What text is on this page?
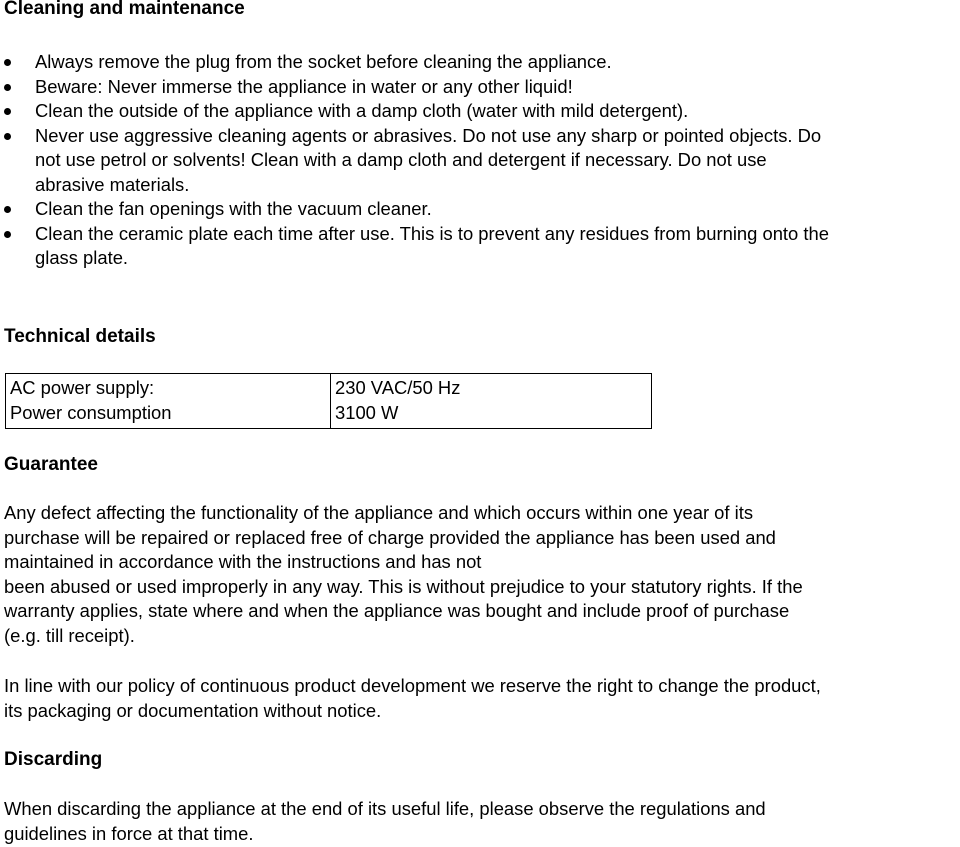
Cleaning and maintenance
Always remove the plug from the socket before cleaning the appliance.
Beware: Never immerse the appliance in water or any other liquid!
Clean the outside of the appliance with a damp cloth (water with mild detergent).
Never use aggressive cleaning agents or abrasives. Do not use any sharp or pointed objects. Do
not use petrol or solvents! Clean with a damp cloth and detergent if necessary. Do not use
abrasive materials.
Clean the fan openings with the vacuum cleaner.
Clean the ceramic plate each time after use. This is to prevent any residues from burning onto the
glass plate.
Technical details
AC power supply:	230 VAC/50 Hz
Power consumption	3100 W
Guarantee

Any defect affecting the functionality of the appliance and which occurs within one year of its
purchase will be repaired or replaced free of charge provided the appliance has been used and
maintained in accordance with the instructions and has not
been abused or used improperly in any way. This is without prejudice to your statutory rights. If the
warranty applies, state where and when the appliance was bought and include proof of purchase
(e.g. till receipt).

In line with our policy of continuous product development we reserve the right to change the product,
its packaging or documentation without notice.

Discarding

When discarding the appliance at the end of its useful life, please observe the regulations and
guidelines in force at that time.
